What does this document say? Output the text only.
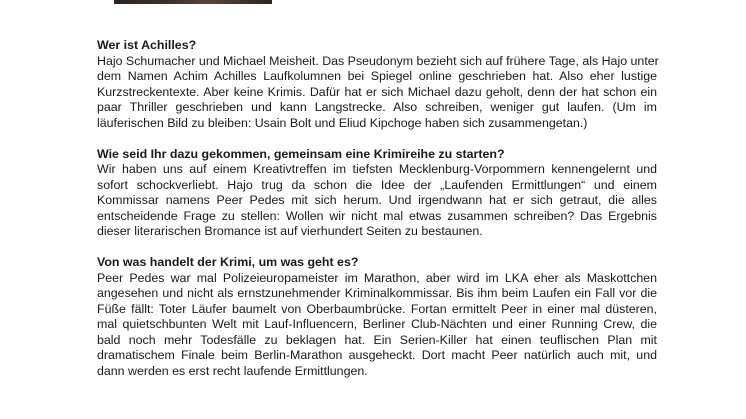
Wer ist Achilles?

Hajo Schumacher und Michael Meisheit. Das Pseudonym bezieht sich auf frühere Tage, als Hajo unter
dem Namen Achim Achilles Laufkolumnen bei Spiegel online geschrieben hat. Also eher lustige
Kurzstreckentexte. Aber keine Krimis. Dafür hat er sich Michael dazu geholt, denn der hat schon ein
paar Thriller geschrieben und kann Langstrecke. Also schreiben, weniger gut laufen. (Um im
läuferischen Bild zu bleiben: Usain Bolt und Eliud Kipchoge haben sich zusammengetan.)

Wie seid Ihr dazu gekommen, gemeinsam eine Krimireihe zu starten?

Wir haben uns auf einem Kreativtreffen im tiefsten Mecklenburg-Vorpommern kennengelernt und
sofort schockverliebt. Hajo trug da schon die Idee der „Laufenden Ermittlungen“ und einem
Kommissar namens Peer Pedes mit sich herum. Und irgendwann hat er sich getraut, die alles
entscheidende Frage zu stellen: Wollen wir nicht mal etwas zusammen schreiben? Das Ergebnis
dieser literarischen Bromance ist auf vierhundert Seiten zu bestaunen.

Von was handelt der Krimi, um was geht es?

Peer Pedes war mal Polizeieuropameister im Marathon, aber wird im LKA eher als Maskottchen
angesehen und nicht als ernstzunehmender Kriminalkommissar. Bis ihm beim Laufen ein Fall vor die
Füße fällt: Toter Läufer baumelt von Oberbaumbrücke. Fortan ermittelt Peer in einer mal düsteren,
mal quietschbunten Welt mit Lauf-Influencern, Berliner Club-Nächten und einer Running Crew, die
bald noch mehr Todesfälle zu beklagen hat. Ein Serien-Killer hat einen teuflischen Plan mit
dramatischem Finale beim Berlin-Marathon ausgeheckt. Dort macht Peer natürlich auch mit, und
dann werden es erst recht laufende Ermittlungen.
